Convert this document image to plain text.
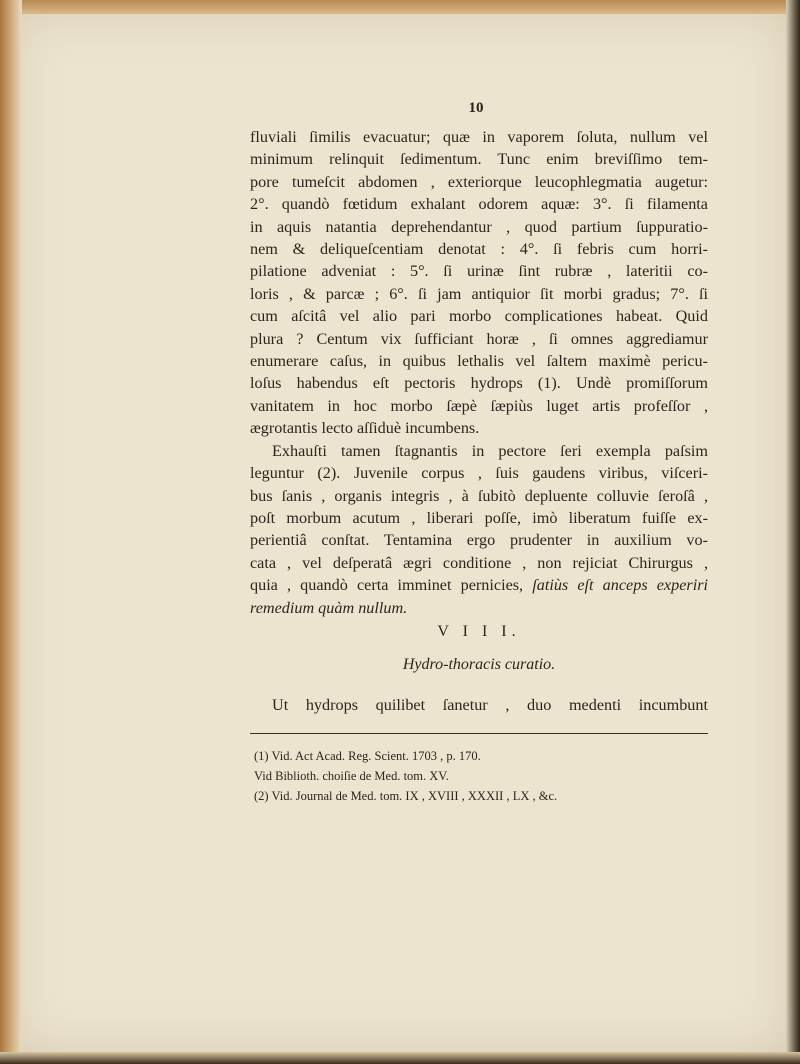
10
fluviali ſimilis evacuatur; quæ in vaporem ſoluta, nullum vel
minimum relinquit ſedimentum. Tunc enim breviſſimo tem-
pore tumeſcit abdomen , exteriorque leucophlegmatia augetur:
2°. quandò fœtidum exhalant odorem aquæ: 3°. ſi filamenta
in aquis natantia deprehendantur , quod partium ſuppuratio-
nem & deliqueſcentiam denotat : 4°. ſi febris cum horri-
pilatione adveniat : 5°. ſi urinæ ſint rubræ , lateritii co-
loris , & parcæ ; 6°. ſi jam antiquior ſit morbi gradus; 7°. ſi
cum aſcitâ vel alio pari morbo complicationes habeat. Quid
plura ? Centum vix ſufficiant horæ , ſi omnes aggrediamur
enumerare caſus, in quibus lethalis vel ſaltem maximè pericu-
loſus habendus eſt pectoris hydrops (1). Undè promiſſorum
vanitatem in hoc morbo ſæpè ſæpiùs luget artis profeſſor ,
ægrotantis lecto aſſiduè incumbens.
Exhauſti tamen ſtagnantis in pectore ſeri exempla paſsim
leguntur (2). Juvenile corpus , ſuis gaudens viribus, viſceri-
bus ſanis , organis integris , à ſubitò depluente colluvie ſeroſâ ,
poſt morbum acutum , liberari poſſe, imò liberatum fuiſſe ex-
perientiâ conſtat. Tentamina ergo prudenter in auxilium vo-
cata , vel deſperatâ ægri conditione , non rejiciat Chirurgus ,
quia , quandò certa imminet pernicies, ſatiùs eſt anceps experiri
remedium quàm nullum.
V I I I.
Hydro-thoracis curatio.
Ut hydrops quilibet ſanetur , duo medenti incumbunt
(1) Vid. Act Acad. Reg. Scient. 1703 , p. 170.
Vid Biblioth. choiſie de Med. tom. XV.
(2) Vid. Journal de Med. tom. IX , XVIII , XXXII , LX , &c.
